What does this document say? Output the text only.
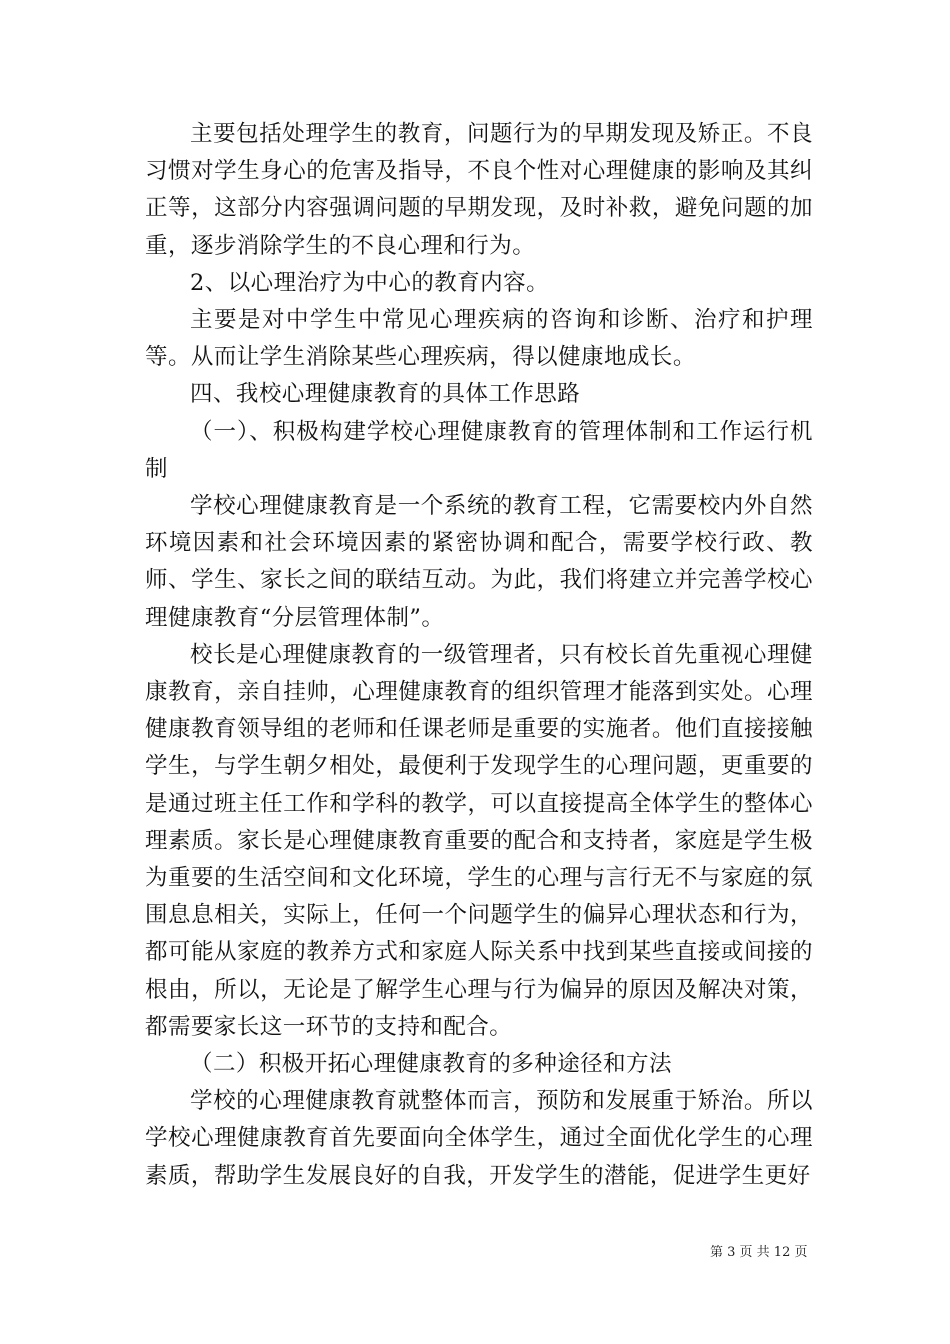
主要包括处理学生的教育，问题行为的早期发现及矫正。不良习惯对学生身心的危害及指导，不良个性对心理健康的影响及其纠正等，这部分内容强调问题的早期发现，及时补救，避免问题的加重，逐步消除学生的不良心理和行为。

2、以心理治疗为中心的教育内容。

主要是对中学生中常见心理疾病的咨询和诊断、治疗和护理等。从而让学生消除某些心理疾病，得以健康地成长。

四、我校心理健康教育的具体工作思路

（一）、积极构建学校心理健康教育的管理体制和工作运行机制

学校心理健康教育是一个系统的教育工程，它需要校内外自然环境因素和社会环境因素的紧密协调和配合，需要学校行政、教师、学生、家长之间的联结互动。为此，我们将建立并完善学校心理健康教育“分层管理体制”。

校长是心理健康教育的一级管理者，只有校长首先重视心理健康教育，亲自挂帅，心理健康教育的组织管理才能落到实处。心理健康教育领导组的老师和任课老师是重要的实施者。他们直接接触学生，与学生朝夕相处，最便利于发现学生的心理问题，更重要的是通过班主任工作和学科的教学，可以直接提高全体学生的整体心理素质。家长是心理健康教育重要的配合和支持者，家庭是学生极为重要的生活空间和文化环境，学生的心理与言行无不与家庭的氛围息息相关，实际上，任何一个问题学生的偏异心理状态和行为，都可能从家庭的教养方式和家庭人际关系中找到某些直接或间接的根由，所以，无论是了解学生心理与行为偏异的原因及解决对策，都需要家长这一环节的支持和配合。

（二）积极开拓心理健康教育的多种途径和方法

学校的心理健康教育就整体而言，预防和发展重于矫治。所以学校心理健康教育首先要面向全体学生，通过全面优化学生的心理素质，帮助学生发展良好的自我，开发学生的潜能，促进学生更好

第 3 页 共 12 页
